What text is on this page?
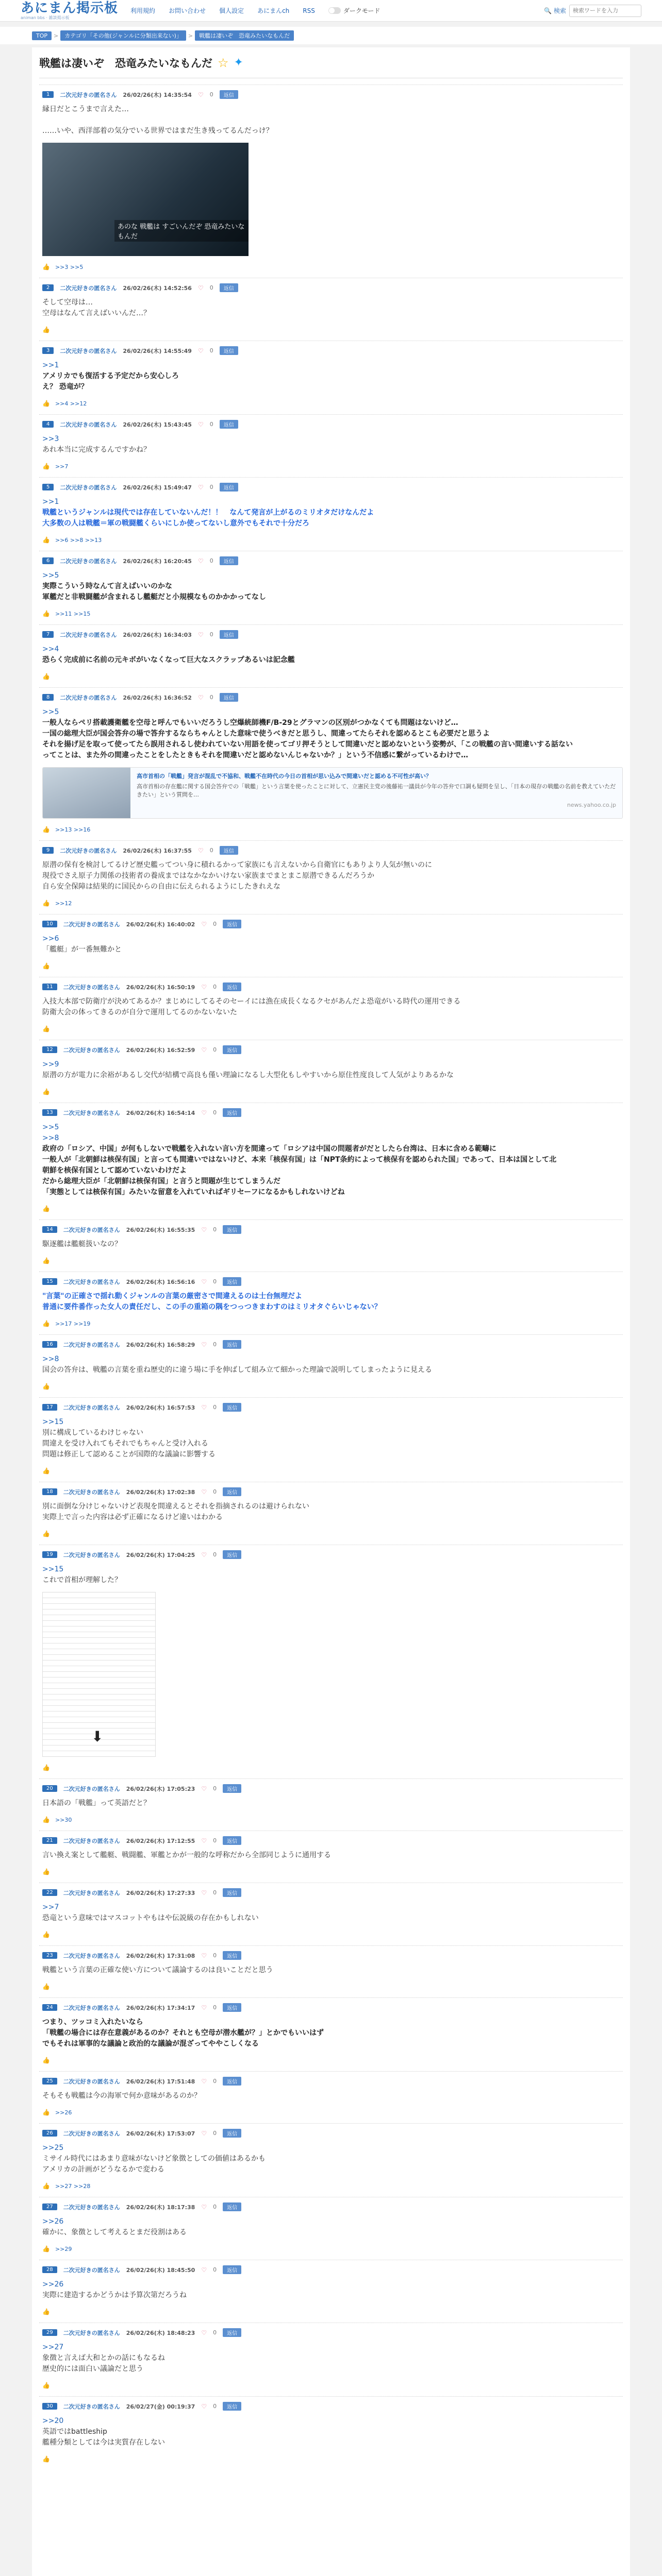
あにまん掲示板
animan bbs · 雑談掲示板
利用規約 お問い合わせ 個人設定 あにまんch RSS	ダークモード	🔍 検索
検索ワードを入力
TOP	>	カテゴリ「その他(ジャンルに分類出来ない)」	>	戦艦は凄いぞ　恐竜みたいなもんだ
戦艦は凄いぞ　恐竜みたいなもんだ ☆ ✦
1	二次元好きの匿名さん 26/02/26(木) 14:35:54 ♡ 0	返信
縁日だとこうまで言えた…

……いや、西洋部着の気分でいる世界ではまだ生き残ってるんだっけ？
あのな 戦艦は すごいんだぞ 恐竜みたいなもんだ
👍 >>3 >>5
2	二次元好きの匿名さん 26/02/26(木) 14:52:56 ♡ 0	返信
そして空母は…
空母はなんて言えばいいんだ…？
👍
3	二次元好きの匿名さん 26/02/26(木) 14:55:49 ♡ 0	返信
>>1
アメリカでも復活する予定だから安心しろ
え？ 恐竜が？
👍 >>4 >>12
4	二次元好きの匿名さん 26/02/26(木) 15:43:45 ♡ 0	返信
>>3
あれ本当に完成するんですかね？
👍 >>7
5	二次元好きの匿名さん 26/02/26(木) 15:49:47 ♡ 0	返信
>>1
戦艦というジャンルは現代では存在していないんだ！！　なんて発言が上がるのミリオタだけなんだよ
大多数の人は戦艦＝軍の戦闘艦くらいにしか使ってないし意外でもそれで十分だろ
👍 >>6 >>8 >>13
6	二次元好きの匿名さん 26/02/26(木) 16:20:45 ♡ 0	返信
>>5
実際こういう時なんて言えばいいのかな
軍艦だと非戦闘艦が含まれるし艦艇だと小規模なものかかかってなし
👍 >>11 >>15
7	二次元好きの匿名さん 26/02/26(木) 16:34:03 ♡ 0	返信
>>4
恐らく完成前に名前の元キボがいなくなって巨大なスクラップあるいは記念艦
👍
8	二次元好きの匿名さん 26/02/26(木) 16:36:52 ♡ 0	返信
>>5
一般人ならペリ搭載護衛艦を空母と呼んでもいいだろうし空爆統師機F/B-29とグラマンの区別がつかなくても問題はないけど…
一国の総理大臣が国会答弁の場で答弁するならちゃんとした意味で使うべきだと思うし、間違ってたらそれを認めるとこも必要だと思うよ
それを揚げ足を取って使ってたら誤用されるし使われていない用語を使ってゴリ押そうとして間違いだと認めないという姿勢が、「この戦艦の言い間違いする話ない
ってことは、また外の間違ったことをしたときもそれを間違いだと認めないんじゃないか？」という不信感に繋がっているわけで…
高市首相の「戦艦」発言が混乱で不協和、戦艦不在時代の今日の首相が思い込みで間違いだと認める不可性が高い？
高市首相の存在艦に関する国会答弁での「戦艦」という言葉を使ったことに対して、立憲民主党の後藤祐一議員が今年の答弁で口調も疑問を呈し、「日本の現存の戦艦の名前を教えていただきたい」という質問を…
news.yahoo.co.jp
👍 >>13 >>16
9	二次元好きの匿名さん 26/02/26(木) 16:37:55 ♡ 0	返信
原潜の保有を検討してるけど歴史艦ってつい身に積れるかって家族にも言えないから自衛官にもありより人気が無いのに
現役でさえ原子力関係の技術者の養成まではなかなかいけない家族までまとまこ原潜できるんだろうか
自ら安全保障は結果的に国民からの自由に伝えられるようにしたきれえな
👍 >>12
10	二次元好きの匿名さん 26/02/26(木) 16:40:02 ♡ 0	返信
>>6
「艦艇」が一番無難かと
👍
11	二次元好きの匿名さん 26/02/26(木) 16:50:19 ♡ 0	返信
入技大本部で防衛庁が決めてあるか？まじめにしてるそのセーイには漁在成長くなるクセがあんだよ恐竜がいる時代の運用できる
防衛大会の体ってきるのが自分で運用してるのかないないた
👍
12	二次元好きの匿名さん 26/02/26(木) 16:52:59 ♡ 0	返信
>>9
原潜の方が電力に余裕があるし交代が結構で高良も僅い理論になるし大型化もしやすいから原住性度良して人気がよりあるかな
👍
13	二次元好きの匿名さん 26/02/26(木) 16:54:14 ♡ 0	返信
>>5
>>8
政府の「ロシア、中国」が何もしないで戦艦を入れない言い方を間違って「ロシアは中国の問題者がだとしたら台湾は、日本に含める範疇に
一般人が「北朝鮮は核保有国」と言っても間違いではないけど、本来「核保有国」は「NPT条約によって核保有を認められた国」であって、日本は国として北
朝鮮を核保有国として認めていないわけだよ
だから総理大臣が「北朝鮮は核保有国」と言うと問題が生じてしまうんだ
「実態としては核保有国」みたいな留意を入れていればギリセーフになるかもしれないけどね
👍
14	二次元好きの匿名さん 26/02/26(木) 16:55:35 ♡ 0	返信
駆逐艦は艦艇扱いなの？
👍
15	二次元好きの匿名さん 26/02/26(木) 16:56:16 ♡ 0	返信
"言葉"の正確さで揺れ動くジャンルの言葉の厳密さで間違えるのは士台無理だよ
普通に要件番作った女人の責任だし、この手の重箱の隅をつっつきまわすのはミリオタぐらいじゃない？
👍 >>17 >>19
16	二次元好きの匿名さん 26/02/26(木) 16:58:29 ♡ 0	返信
>>8
国会の答弁は、戦艦の言葉を重ね歴史的に違う場に手を伸ばして組み立て細かった理論で説明してしまったように見える
👍
17	二次元好きの匿名さん 26/02/26(木) 16:57:53 ♡ 0	返信
>>15
別に構成しているわけじゃない
間違えを受け入れてもそれでもちゃんと受け入れる
問題は修正して認めることが国際的な議論に影響する
👍
18	二次元好きの匿名さん 26/02/26(木) 17:02:38 ♡ 0	返信
別に面倒な分けじゃないけど表現を間違えるとそれを指摘されるのは避けられない
実際上で言った内容は必ず正確になるけど違いはわかる
👍
19	二次元好きの匿名さん 26/02/26(木) 17:04:25 ♡ 0	返信
>>15
これで首相が理解した？
⬇
👍
20	二次元好きの匿名さん 26/02/26(木) 17:05:23 ♡ 0	返信
日本語の「戦艦」って英語だと？
👍 >>30
21	二次元好きの匿名さん 26/02/26(木) 17:12:55 ♡ 0	返信
言い換え案として艦艇、戦闘艦、軍艦とかが一般的な呼称だから全部同じように通用する
👍
22	二次元好きの匿名さん 26/02/26(木) 17:27:33 ♡ 0	返信
>>7
恐竜という意味ではマスコットやもはや伝説級の存在かもしれない
👍
23	二次元好きの匿名さん 26/02/26(木) 17:31:08 ♡ 0	返信
戦艦という言葉の正確な使い方について議論するのは良いことだと思う
👍
24	二次元好きの匿名さん 26/02/26(木) 17:34:17 ♡ 0	返信
つまり、ツッコミ入れたいなら
「戦艦の場合には存在意義があるのか？それとも空母が潜水艦が？」とかでもいいはず
でもそれは軍事的な議論と政治的な議論が混ざってややこしくなる
👍
25	二次元好きの匿名さん 26/02/26(木) 17:51:48 ♡ 0	返信
そもそも戦艦は今の海軍で何か意味があるのか？
👍 >>26
26	二次元好きの匿名さん 26/02/26(木) 17:53:07 ♡ 0	返信
>>25
ミサイル時代にはあまり意味がないけど象徴としての価値はあるかも
アメリカの計画がどうなるかで変わる
👍 >>27 >>28
27	二次元好きの匿名さん 26/02/26(木) 18:17:38 ♡ 0	返信
>>26
確かに、象徴として考えるとまだ役割はある
👍 >>29
28	二次元好きの匿名さん 26/02/26(木) 18:45:50 ♡ 0	返信
>>26
実際に建造するかどうかは予算次第だろうね
👍
29	二次元好きの匿名さん 26/02/26(木) 18:48:23 ♡ 0	返信
>>27
象徴と言えば大和とかの話にもなるね
歴史的には面白い議論だと思う
👍
30	二次元好きの匿名さん 26/02/27(金) 00:19:37 ♡ 0	返信
>>20
英語ではbattleship
艦種分類としては今は実質存在しない
👍
